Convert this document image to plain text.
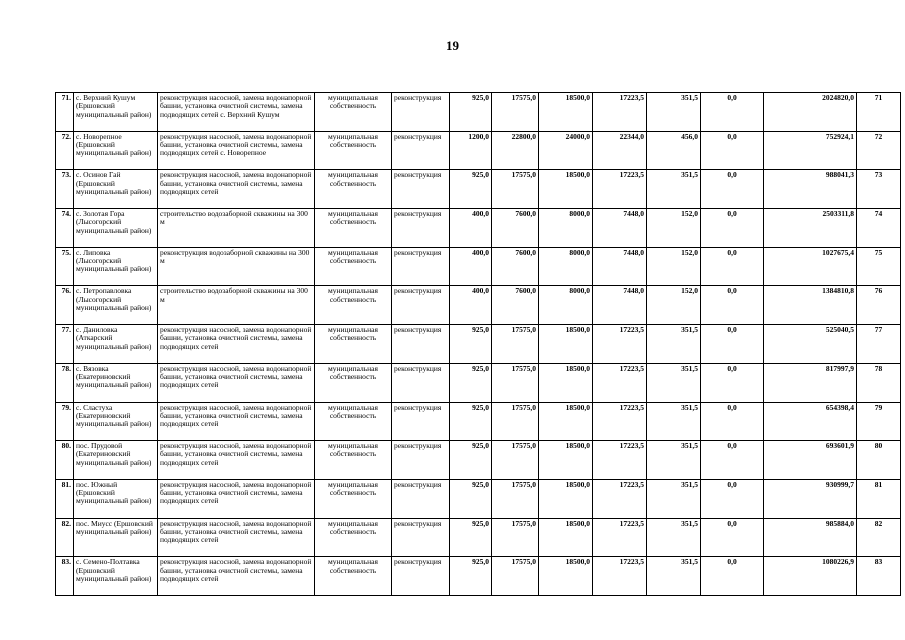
19
71.	с. Верхний Кушум (Ершовский муниципальный район)	реконструкция насосной, замена водонапорной башни, установка очистной системы, замена подводящих сетей с. Верхний Кушум	муниципальная собственность	реконструкция	925,0	17575,0	18500,0	17223,5	351,5	0,0	2024820,0	71
72.	с. Новорепное (Ершовский муниципальный район)	реконструкция насосной, замена водонапорной башни, установка очистной системы, замена подводящих сетей с. Новорепное	муниципальная собственность	реконструкция	1200,0	22800,0	24000,0	22344,0	456,0	0,0	752924,1	72
73.	с. Осинов Гай (Ершовский муниципальный район)	реконструкция насосной, замена водонапорной башни, установка очистной системы, замена подводящих сетей	муниципальная собственность	реконструкция	925,0	17575,0	18500,0	17223,5	351,5	0,0	988041,3	73
74.	с. Золотая Гора (Лысогорский муниципальный район)	строительство водозаборной скважины на 300 м	муниципальная собственность	реконструкция	400,0	7600,0	8000,0	7448,0	152,0	0,0	2503311,8	74
75.	с. Липовка (Лысогорский муниципальный район)	реконструкция водозаборной скважины на 300 м	муниципальная собственность	реконструкция	400,0	7600,0	8000,0	7448,0	152,0	0,0	1027675,4	75
76.	с. Петропавловка (Лысогорский муниципальный район)	строительство водозаборной скважины на 300 м	муниципальная собственность	реконструкция	400,0	7600,0	8000,0	7448,0	152,0	0,0	1384810,8	76
77.	с. Даниловка (Аткарский муниципальный район)	реконструкция насосной, замена водонапорной башни, установка очистной системы, замена подводящих сетей	муниципальная собственность	реконструкция	925,0	17575,0	18500,0	17223,5	351,5	0,0	525040,5	77
78.	с. Вязовка (Екатериновский муниципальный район)	реконструкция насосной, замена водонапорной башни, установка очистной системы, замена подводящих сетей	муниципальная собственность	реконструкция	925,0	17575,0	18500,0	17223,5	351,5	0,0	817997,9	78
79.	с. Сластуха (Екатериновский муниципальный район)	реконструкция насосной, замена водонапорной башни, установка очистной системы, замена подводящих сетей	муниципальная собственность	реконструкция	925,0	17575,0	18500,0	17223,5	351,5	0,0	654398,4	79
80.	пос. Прудовой (Екатериновский муниципальный район)	реконструкция насосной, замена водонапорной башни, установка очистной системы, замена подводящих сетей	муниципальная собственность	реконструкция	925,0	17575,0	18500,0	17223,5	351,5	0,0	693601,9	80
81.	пос. Южный (Ершовский муниципальный район)	реконструкция насосной, замена водонапорной башни, установка очистной системы, замена подводящих сетей	муниципальная собственность	реконструкция	925,0	17575,0	18500,0	17223,5	351,5	0,0	930999,7	81
82.	пос. Миусс (Ершовский муниципальный район)	реконструкция насосной, замена водонапорной башни, установка очистной системы, замена подводящих сетей	муниципальная собственность	реконструкция	925,0	17575,0	18500,0	17223,5	351,5	0,0	985884,0	82
83.	с. Семено-Полтавка (Ершовский муниципальный район)	реконструкция насосной, замена водонапорной башни, установка очистной системы, замена подводящих сетей	муниципальная собственность	реконструкция	925,0	17575,0	18500,0	17223,5	351,5	0,0	1080226,9	83
